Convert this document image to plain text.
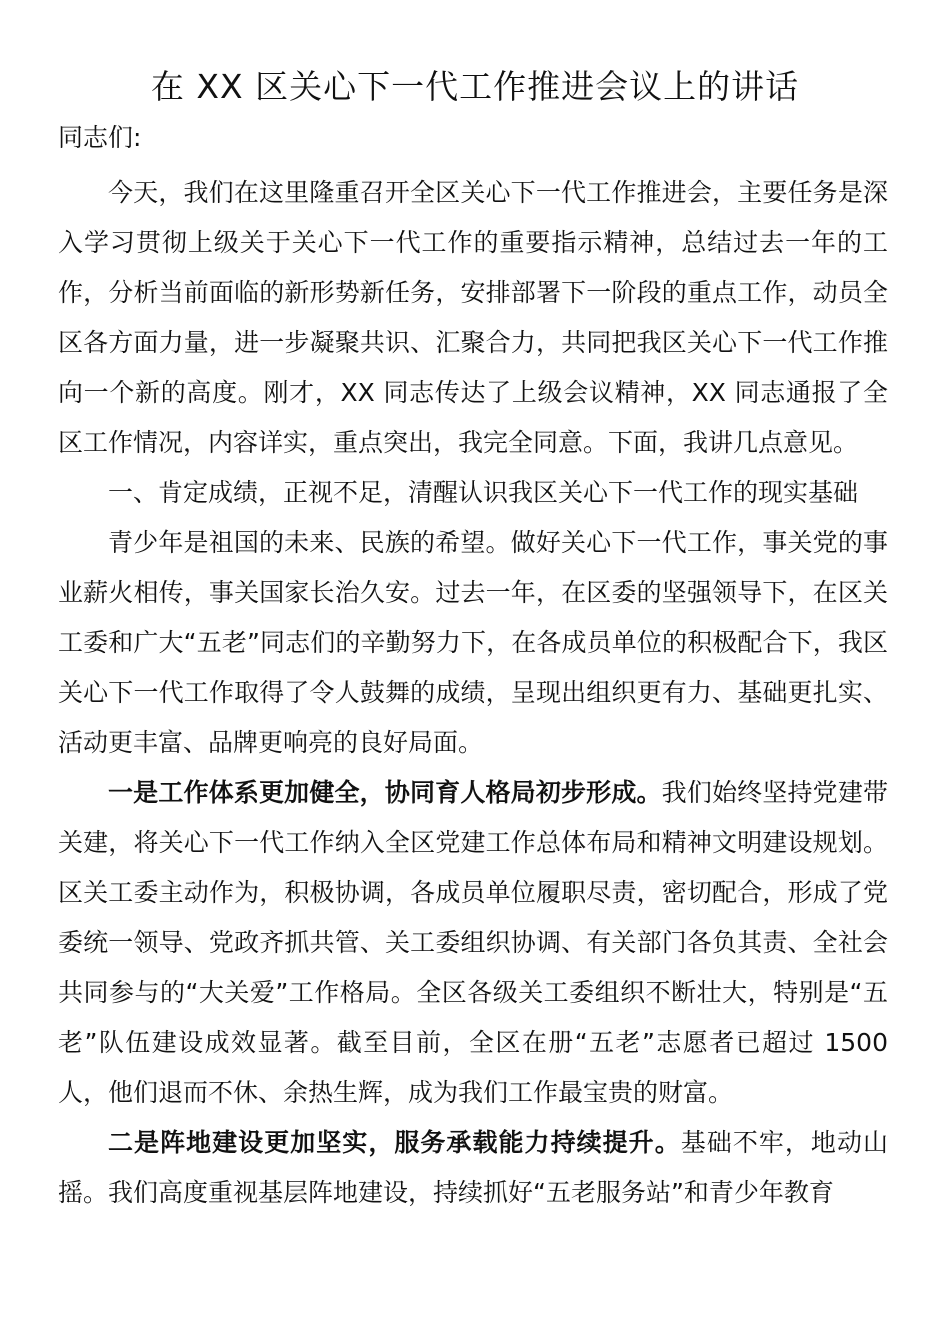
在 XX 区关心下一代工作推进会议上的讲话

同志们:

今天，我们在这里隆重召开全区关心下一代工作推进会，主要任务是深入学习贯彻上级关于关心下一代工作的重要指示精神，总结过去一年的工作，分析当前面临的新形势新任务，安排部署下一阶段的重点工作，动员全区各方面力量，进一步凝聚共识、汇聚合力，共同把我区关心下一代工作推向一个新的高度。刚才，XX 同志传达了上级会议精神，XX 同志通报了全区工作情况，内容详实，重点突出，我完全同意。下面，我讲几点意见。

一、肯定成绩，正视不足，清醒认识我区关心下一代工作的现实基础

青少年是祖国的未来、民族的希望。做好关心下一代工作，事关党的事业薪火相传，事关国家长治久安。过去一年，在区委的坚强领导下，在区关工委和广大“五老”同志们的辛勤努力下，在各成员单位的积极配合下，我区关心下一代工作取得了令人鼓舞的成绩，呈现出组织更有力、基础更扎实、活动更丰富、品牌更响亮的良好局面。

一是工作体系更加健全，协同育人格局初步形成。我们始终坚持党建带关建，将关心下一代工作纳入全区党建工作总体布局和精神文明建设规划。区关工委主动作为，积极协调，各成员单位履职尽责，密切配合，形成了党委统一领导、党政齐抓共管、关工委组织协调、有关部门各负其责、全社会共同参与的“大关爱”工作格局。全区各级关工委组织不断壮大，特别是“五老”队伍建设成效显著。截至目前，全区在册“五老”志愿者已超过 1500 人，他们退而不休、余热生辉，成为我们工作最宝贵的财富。

二是阵地建设更加坚实，服务承载能力持续提升。基础不牢，地动山摇。我们高度重视基层阵地建设，持续抓好“五老服务站”和青少年教育
